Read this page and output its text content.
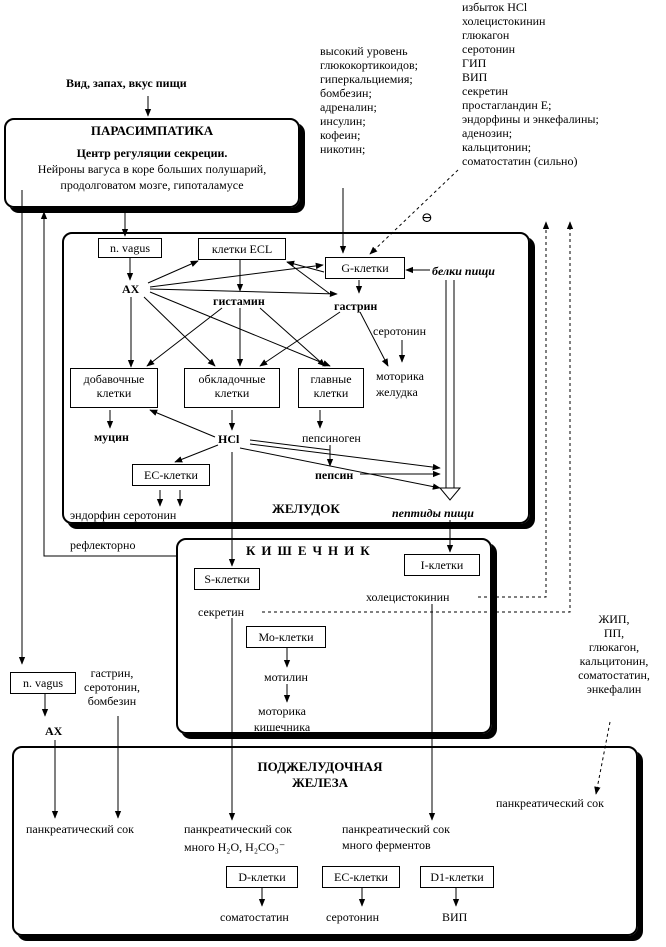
Вид, запах, вкус пищи
ПАРАСИМПАТИКА
Центр регуляции секреции.
Нейроны вагуса в коре больших полушарий,
продолговатом мозге, гипоталамусе
высокий уровень
глюкокортикоидов;
гиперкальциемия;
бомбезин;
адреналин;
инсулин;
кофеин;
никотин;
избыток HCl
холецистокинин
глюкагон
серотонин
ГИП
ВИП
секретин
простагландин E;
эндорфины и энкефалины;
аденозин;
кальцитонин;
соматостатин (сильно)
⊖
n. vagus
АХ
клетки ECL
G-клетки	белки пищи
гистамин	гастрин
серотонин
моторика
желудка
добавочные
клетки
обкладочные
клетки
главные
клетки
муцин	HCl	пепсиноген
EC-клетки	пепсин
эндорфин серотонин	ЖЕЛУДОК	пептиды пищи
рефлекторно	КИШЕЧНИК
S-клетки
секретин
I-клетки
холецистокинин
Мо-клетки
мотилин
моторика
кишечника
n. vagus
АХ
гастрин,
серотонин,
бомбезин
ЖИП,
ПП,
глюкагон,
кальцитонин,
соматостатин,
энкефалин
ПОДЖЕЛУДОЧНАЯ
ЖЕЛЕЗА
панкреатический сок	панкреатический сок
много H₂O, H₂CO₃⁻
панкреатический сок
много ферментов
панкреатический сок
D-клетки	EC-клетки	D1-клетки
соматостатин	серотонин	ВИП
